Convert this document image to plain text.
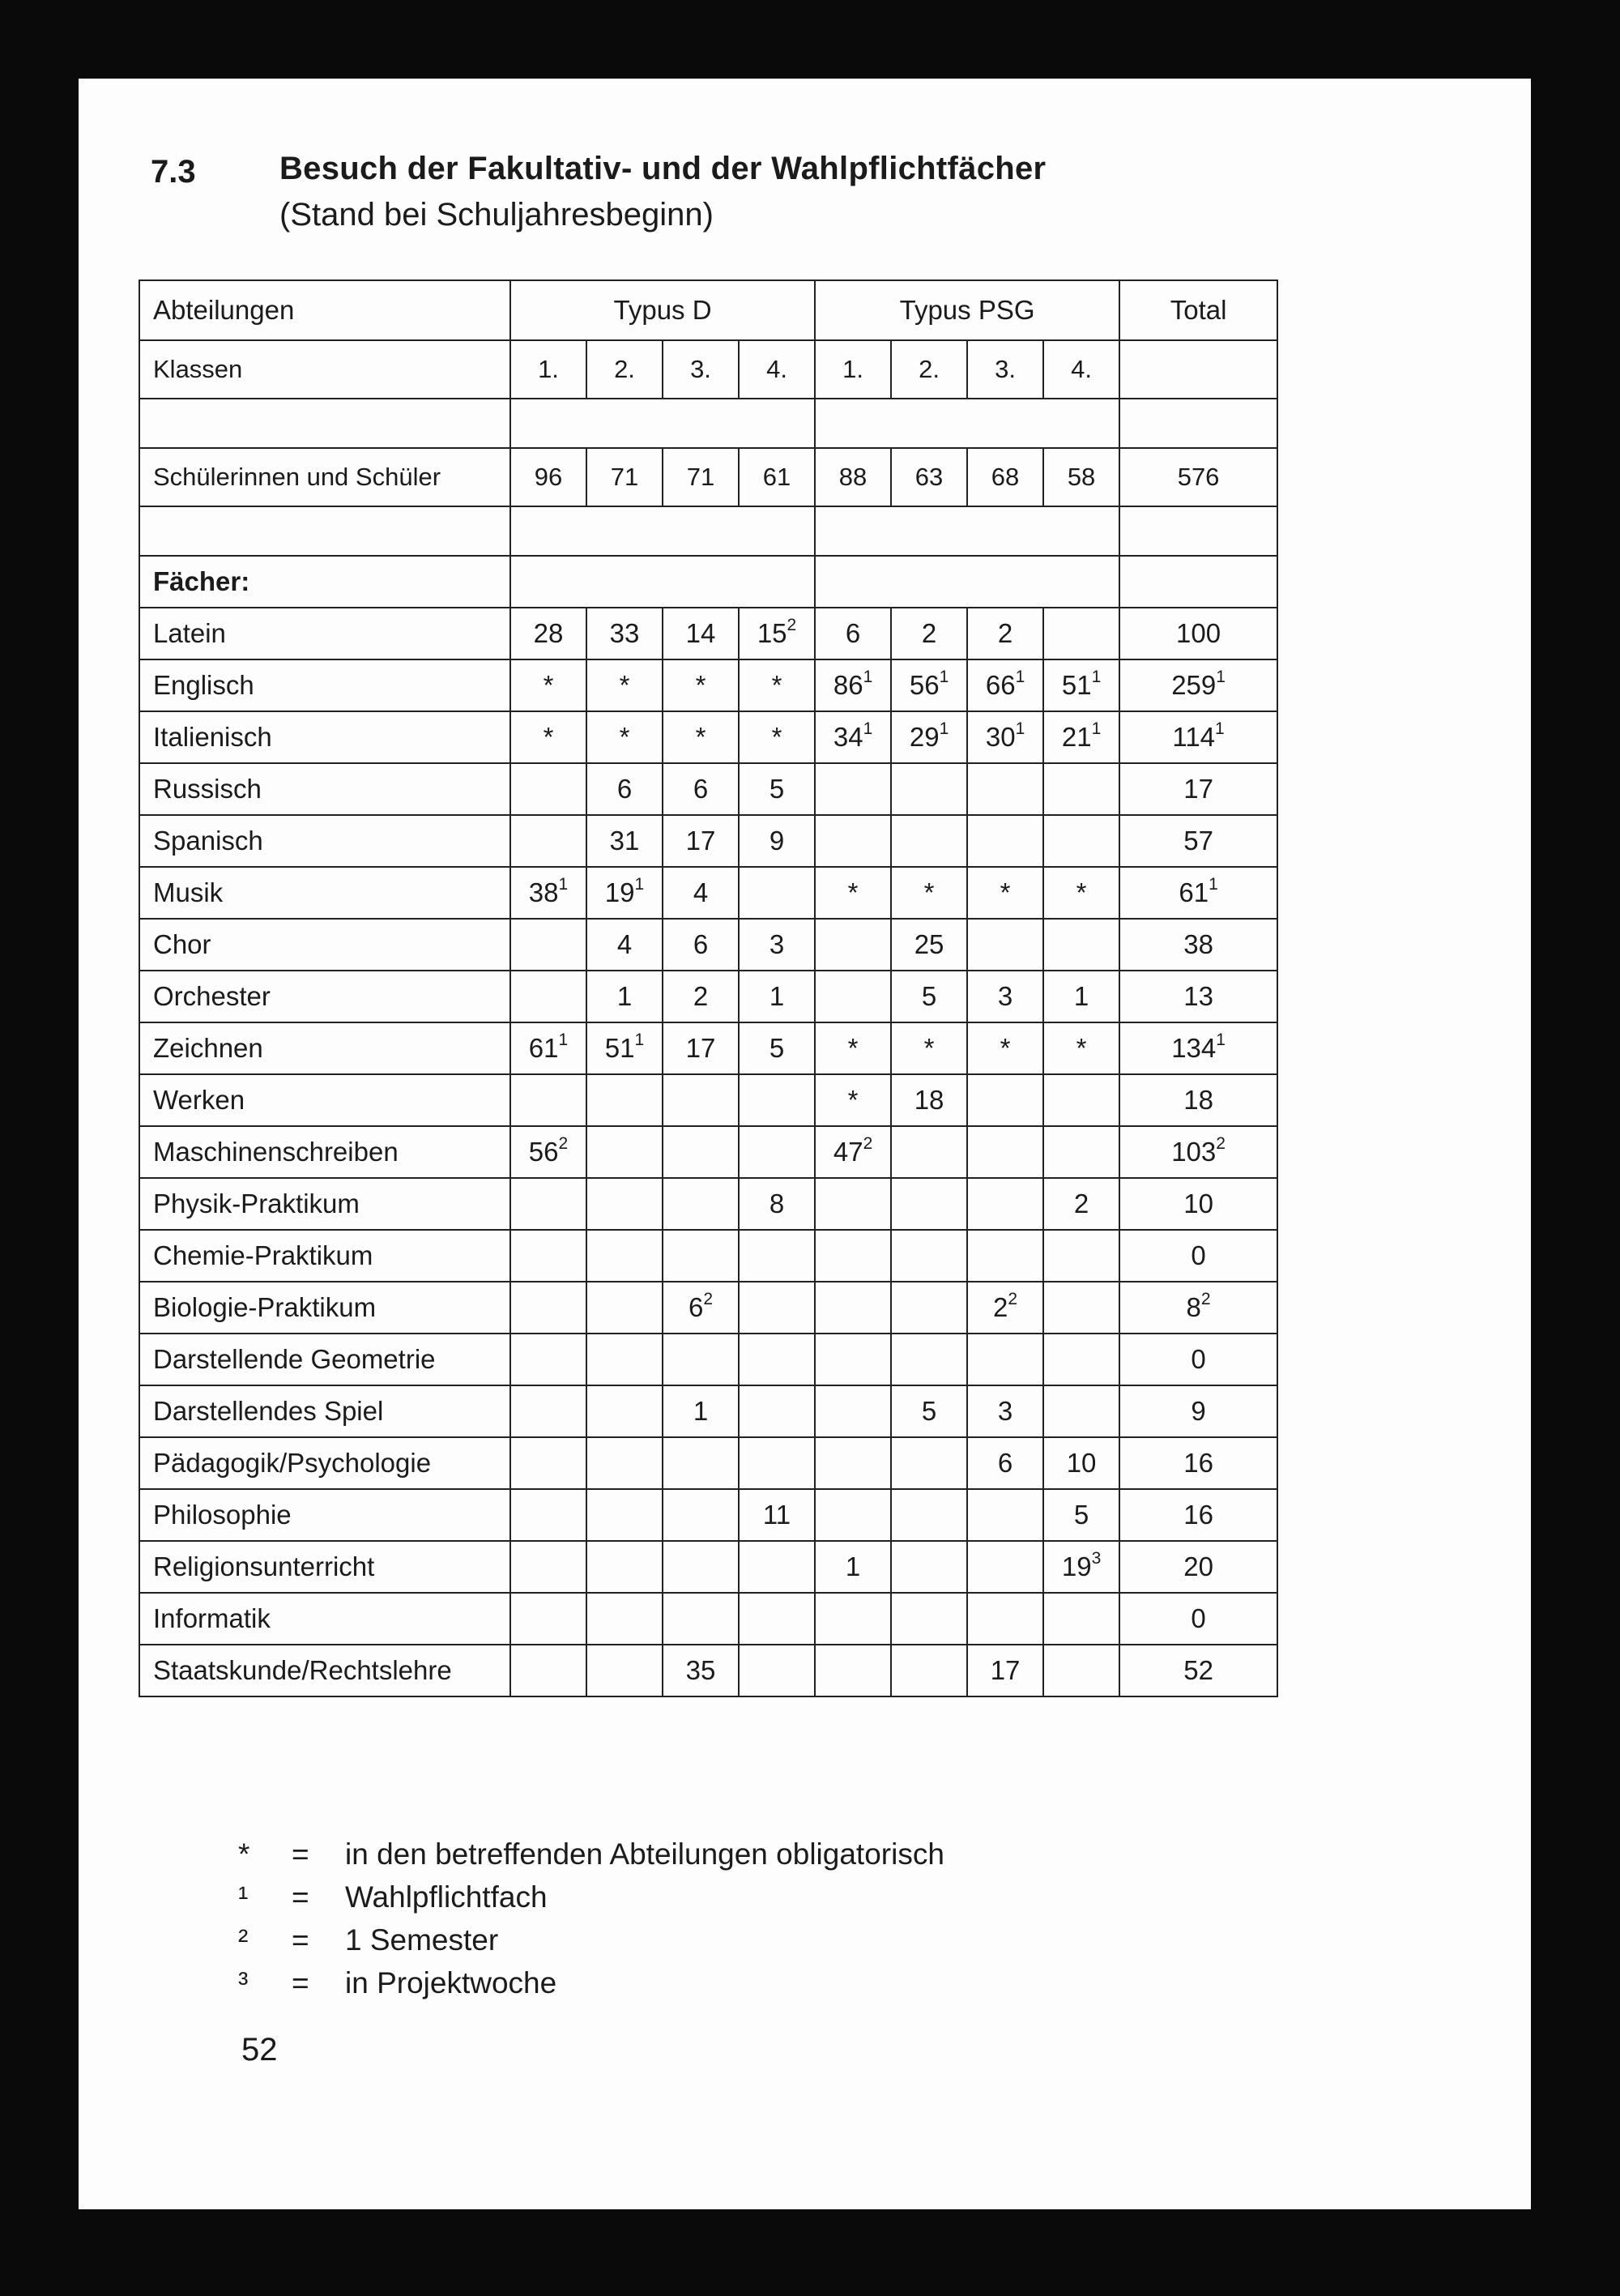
7.3	Besuch der Fakultativ- und der Wahlpflichtfächer
(Stand bei Schuljahresbeginn)
Abteilungen	Typus D				Typus PSG				Total
Klassen	1.	2.	3.	4.	1.	2.	3.	4.	

Schülerinnen und Schüler	96	71	71	61	88	63	68	58	576

Fächer:									
Latein	28	33	14	$15^2$	6	2	2		100
Englisch	*	*	*	*	$86^1$	$56^1$	$66^1$	$51^1$	$259^1$
Italienisch	*	*	*	*	$34^1$	$29^1$	$30^1$	$21^1$	$114^1$
Russisch		6	6	5					17
Spanisch		31	17	9					57
Musik	$38^1$	$19^1$	4		*	*	*	*	$61^1$
Chor		4	6	3		25			38
Orchester		1	2	1		5	3	1	13
Zeichnen	$61^1$	$51^1$	17	5	*	*	*	*	$134^1$
Werken					*	18			18
Maschinenschreiben	$56^2$				$47^2$				$103^2$
Physik-Praktikum				8				2	10
Chemie-Praktikum									0
Biologie-Praktikum			$6^2$				$2^2$		$8^2$
Darstellende Geometrie									0
Darstellendes Spiel			1			5	3		9
Pädagogik/Psychologie							6	10	16
Philosophie				11				5	16
Religionsunterricht					1			$19^3$	20
Informatik									0
Staatskunde/Rechtslehre			35				17		52
*	=	in den betreffenden Abteilungen obligatorisch
¹	=	Wahlpflichtfach
²	=	1 Semester
³	=	in Projektwoche
52
